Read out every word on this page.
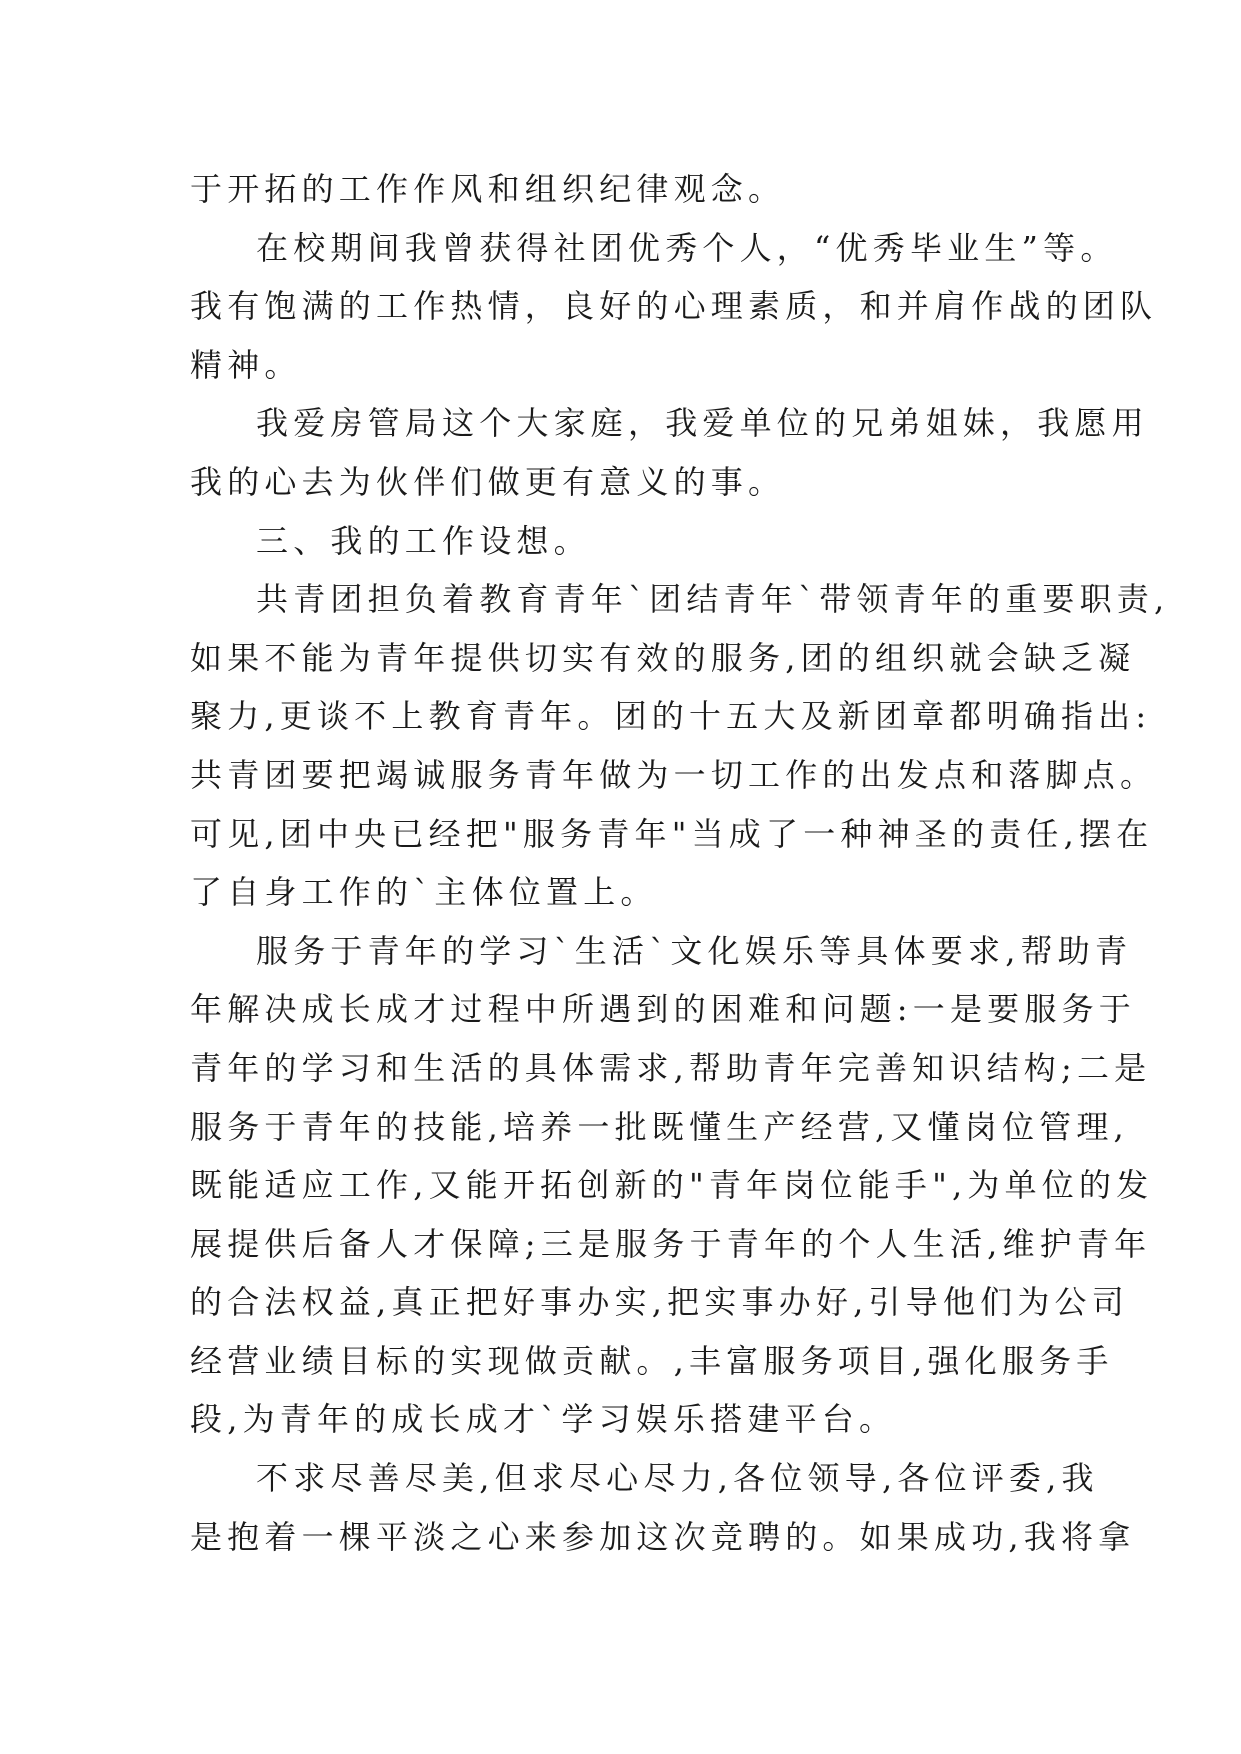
于开拓的工作作风和组织纪律观念。
在校期间我曾获得社团优秀个人，“优秀毕业生”等。
我有饱满的工作热情，良好的心理素质，和并肩作战的团队
精神。
我爱房管局这个大家庭，我爱单位的兄弟姐妹，我愿用
我的心去为伙伴们做更有意义的事。
三、我的工作设想。
共青团担负着教育青年`团结青年`带领青年的重要职责,
如果不能为青年提供切实有效的服务,团的组织就会缺乏凝
聚力,更谈不上教育青年。团的十五大及新团章都明确指出:
共青团要把竭诚服务青年做为一切工作的出发点和落脚点。
可见,团中央已经把"服务青年"当成了一种神圣的责任,摆在
了自身工作的`主体位置上。
服务于青年的学习`生活`文化娱乐等具体要求,帮助青
年解决成长成才过程中所遇到的困难和问题:一是要服务于
青年的学习和生活的具体需求,帮助青年完善知识结构;二是
服务于青年的技能,培养一批既懂生产经营,又懂岗位管理,
既能适应工作,又能开拓创新的"青年岗位能手",为单位的发
展提供后备人才保障;三是服务于青年的个人生活,维护青年
的合法权益,真正把好事办实,把实事办好,引导他们为公司
经营业绩目标的实现做贡献。,丰富服务项目,强化服务手
段,为青年的成长成才`学习娱乐搭建平台。
不求尽善尽美,但求尽心尽力,各位领导,各位评委,我
是抱着一棵平淡之心来参加这次竞聘的。如果成功,我将拿
